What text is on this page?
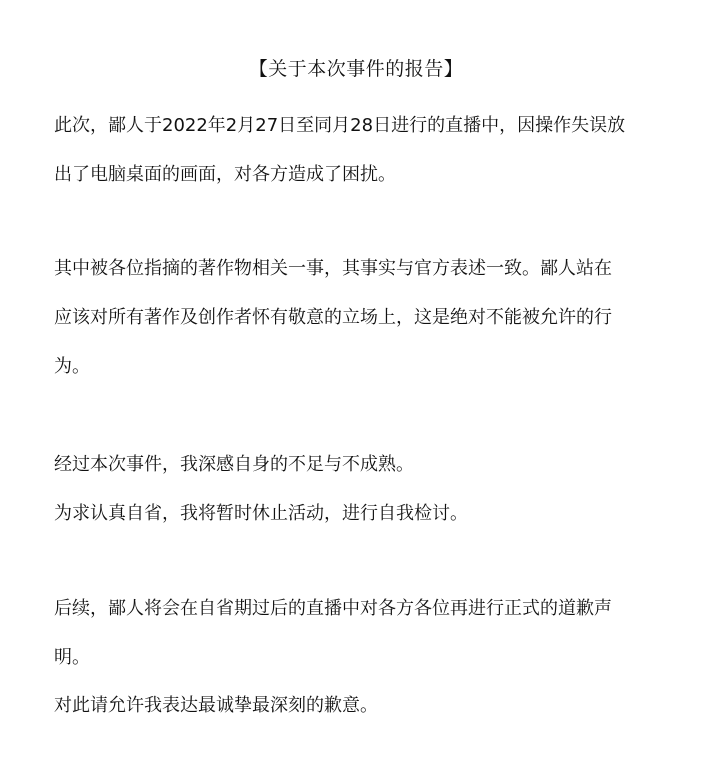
【关于本次事件的报告】
此次，鄙人于2022年2月27日至同月28日进行的直播中，因操作失误放
出了电脑桌面的画面，对各方造成了困扰。
其中被各位指摘的著作物相关一事，其事实与官方表述一致。鄙人站在
应该对所有著作及创作者怀有敬意的立场上，这是绝对不能被允许的行
为。
经过本次事件，我深感自身的不足与不成熟。
为求认真自省，我将暂时休止活动，进行自我检讨。
后续，鄙人将会在自省期过后的直播中对各方各位再进行正式的道歉声
明。
对此请允许我表达最诚挚最深刻的歉意。
